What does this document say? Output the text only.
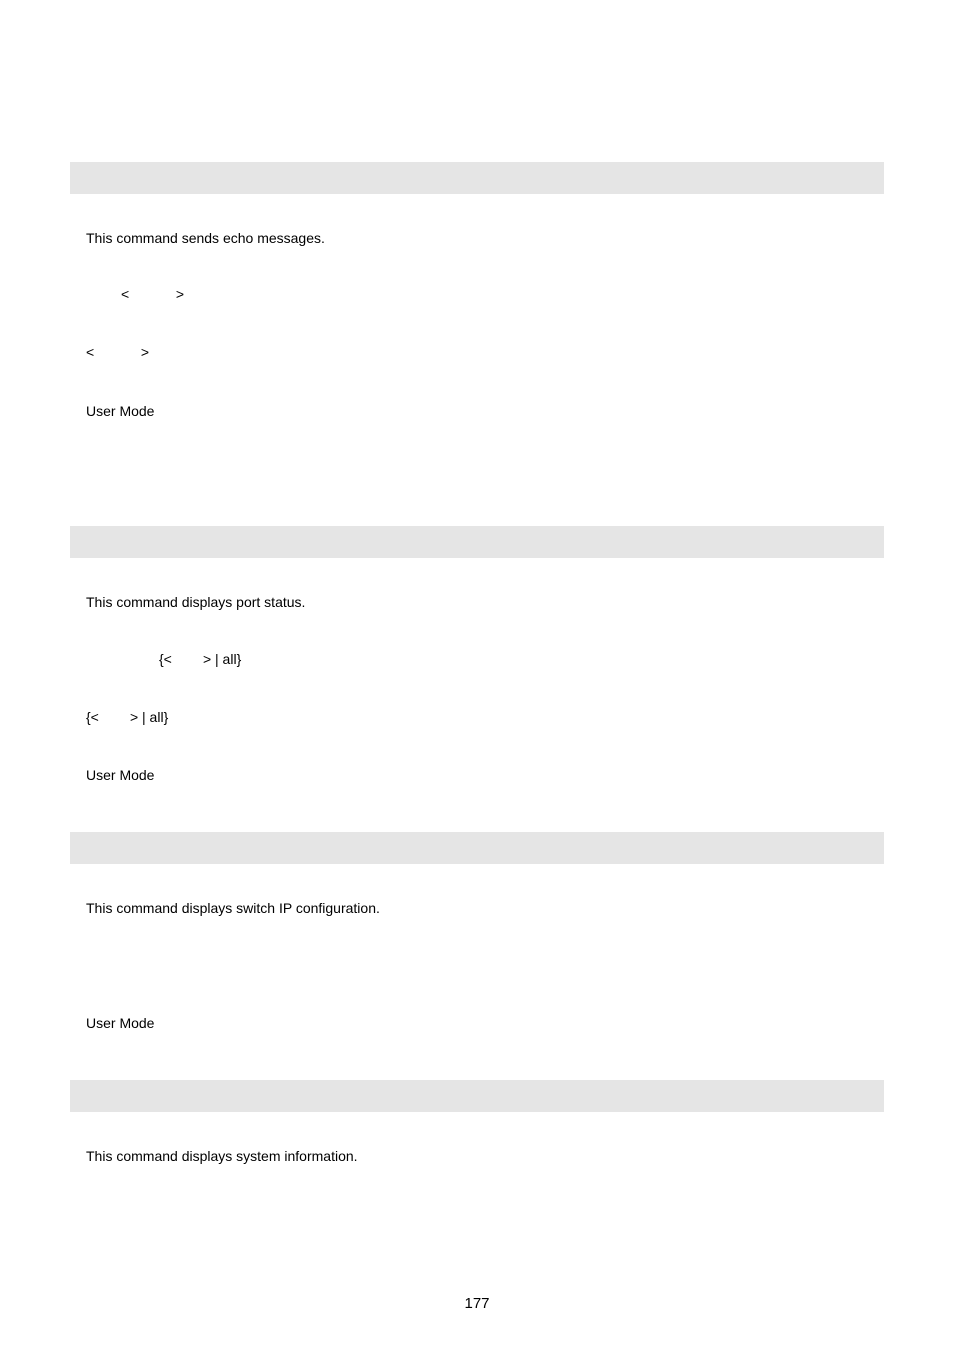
This command sends echo messages.
<            >
<            >
User Mode
This command displays port status.
{<        > | all}
{<        > | all}
User Mode
This command displays switch IP configuration.
User Mode
This command displays system information.
177
